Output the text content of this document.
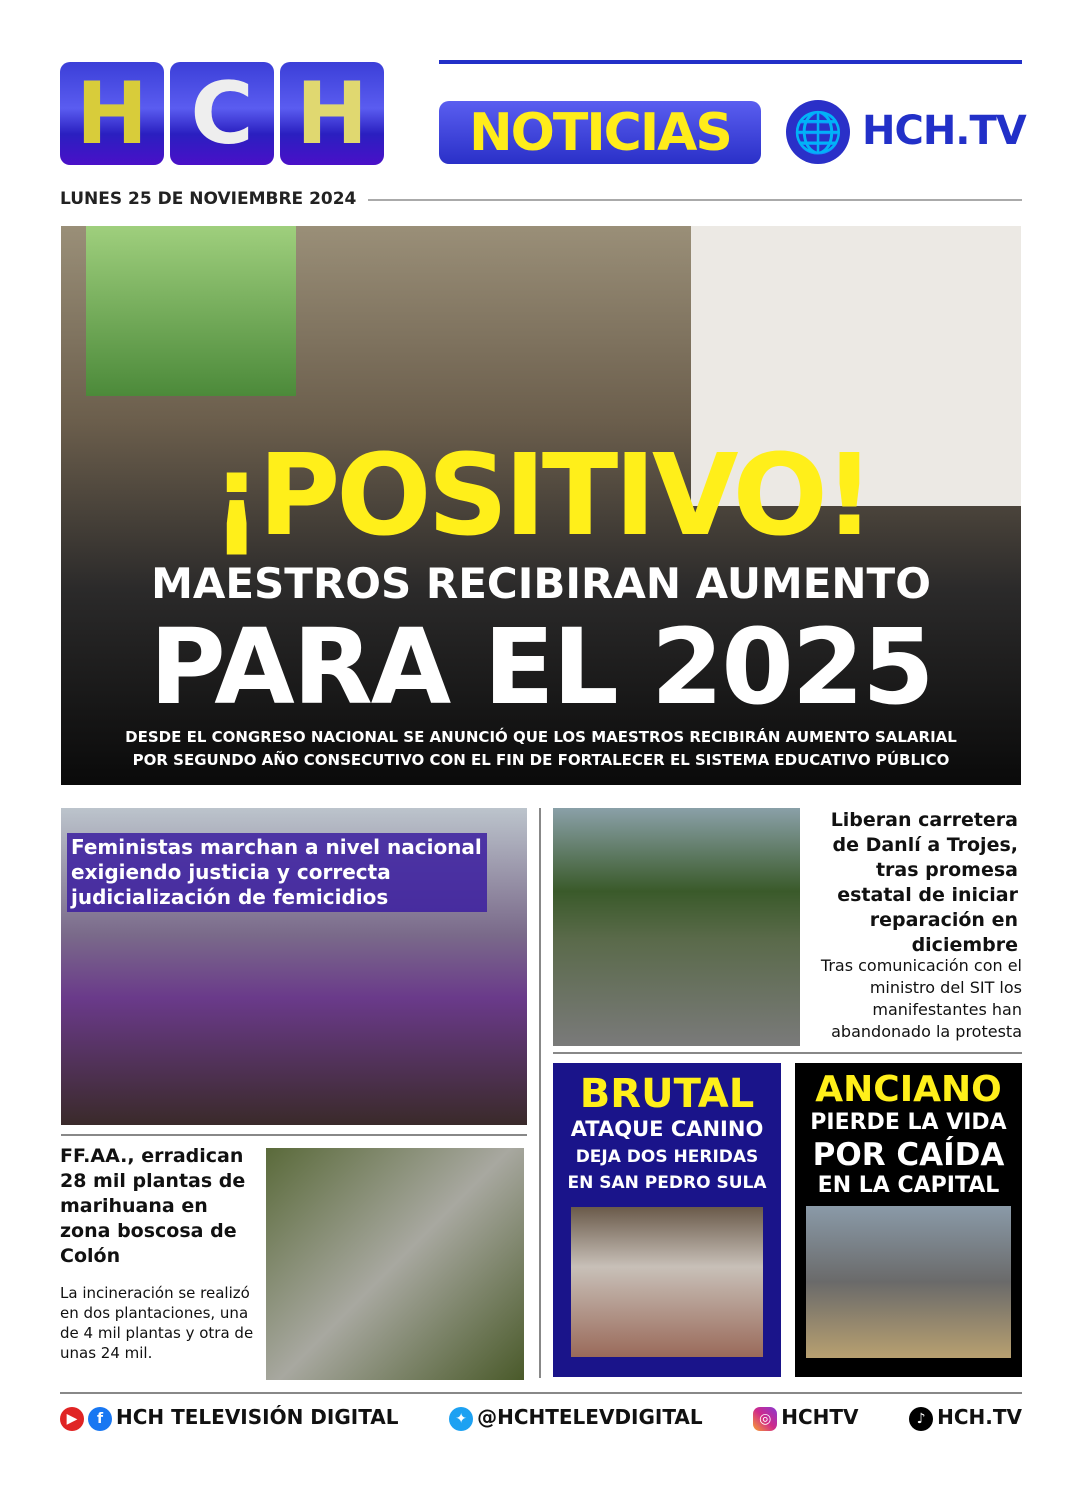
H C H	NOTICIAS	🌐 HCH.TV
LUNES 25 DE NOVIEMBRE 2024
¡POSITIVO!
MAESTROS RECIBIRAN AUMENTO
PARA EL 2025
DESDE EL CONGRESO NACIONAL SE ANUNCIÓ QUE LOS MAESTROS RECIBIRÁN AUMENTO SALARIAL
POR SEGUNDO AÑO CONSECUTIVO CON EL FIN DE FORTALECER EL SISTEMA EDUCATIVO PÚBLICO
Feministas marchan a nivel nacional exigiendo justicia y correcta judicialización de femicidios
Liberan carretera de Danlí a Trojes, tras promesa estatal de iniciar reparación en diciembre
Tras comunicación con el ministro del SIT los manifestantes han abandonado la protesta
BRUTAL
ATAQUE CANINO
DEJA DOS HERIDAS
EN SAN PEDRO SULA
ANCIANO
PIERDE LA VIDA
POR CAÍDA
EN LA CAPITAL
FF.AA., erradican 28 mil plantas de marihuana en zona boscosa de Colón
La incineración se realizó en dos plantaciones, una de 4 mil plantas y otra de unas 24 mil.
▶ f HCH TELEVISIÓN DIGITAL	✦ @HCHTELEVDIGITAL	◎ HCHTV	♪ HCH.TV
